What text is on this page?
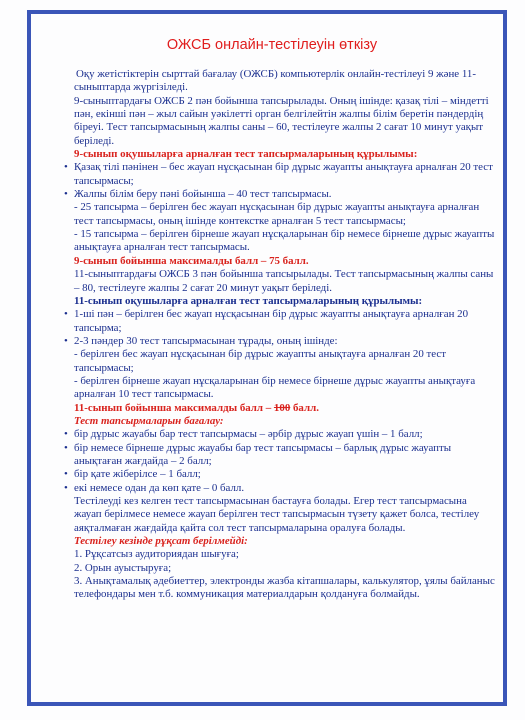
ОЖСБ онлайн-тестілеуін өткізу

Оқу жетістіктерін сырттай бағалау (ОЖСБ) компьютерлік онлайн-тестілеуі 9 және 11-сыныптарда жүргізіледі.

9-сыныптардағы ОЖСБ 2 пән бойынша тапсырылады. Оның ішінде: қазақ тілі – міндетті пән, екінші пән – жыл сайын уәкілетті орган белгілейтін жалпы білім беретін пәндердің біреуі. Тест тапсырмасының жалпы саны – 60, тестілеуге жалпы 2 сағат 10 минут уақыт беріледі.

9-сынып оқушыларға арналған тест тапсырмаларының құрылымы:

• Қазақ тілі пәнінен – бес жауап нұсқасынан бір дұрыс жауапты анықтауға арналған 20 тест тапсырмасы;
• Жалпы білім беру пәні бойынша – 40 тест тапсырмасы.

- 25 тапсырма – берілген бес жауап нұсқасынан бір дұрыс жауапты анықтауға арналған тест тапсырмасы, оның ішінде контекстке арналған 5 тест тапсырмасы;

- 15 тапсырма – берілген бірнеше жауап нұсқаларынан бір немесе бірнеше дұрыс жауапты анықтауға арналған тест тапсырмасы.

9-сынып бойынша максималды балл – 75 балл.

11-сыныптардағы ОЖСБ 3 пән бойынша тапсырылады. Тест тапсырмасының жалпы саны – 80, тестілеуге жалпы 2 сағат 20 минут уақыт беріледі.

11-сынып оқушыларға арналған тест тапсырмаларының құрылымы:

• 1-ші пән – берілген бес жауап нұсқасынан бір дұрыс жауапты анықтауға арналған 20 тапсырма;
• 2-3 пәндер 30 тест тапсырмасынан тұрады, оның ішінде:

- берілген бес жауап нұсқасынан бір дұрыс жауапты анықтауға арналған 20 тест тапсырмасы;

- берілген бірнеше жауап нұсқаларынан бір немесе бірнеше дұрыс жауапты анықтауға арналған 10 тест тапсырмасы.

11-сынып бойынша максималды балл – 100 балл.

Тест тапсырмаларын бағалау:

• бір дұрыс жауабы бар тест тапсырмасы – әрбір дұрыс жауап үшін – 1 балл;
• бір немесе бірнеше дұрыс жауабы бар тест тапсырмасы – барлық дұрыс жауапты анықтаған жағдайда – 2 балл;
• бір қате жіберілсе – 1 балл;
• екі немесе одан да көп қате – 0 балл.

Тестілеуді кез келген тест тапсырмасынан бастауға болады. Егер тест тапсырмасына жауап берілмесе немесе жауап берілген тест тапсырмасын түзету қажет болса, тестілеу аяқталмаған жағдайда қайта сол тест тапсырмаларына оралуға болады.

Тестілеу кезінде рұқсат берілмейді:

1. Рұқсатсыз аудиториядан шығуға;

2. Орын ауыстыруға;

3. Анықтамалық әдебиеттер, электронды жазба кітапшалары, калькулятор, ұялы байланыс телефондары мен т.б. коммуникация материалдарын қолдануға болмайды.
